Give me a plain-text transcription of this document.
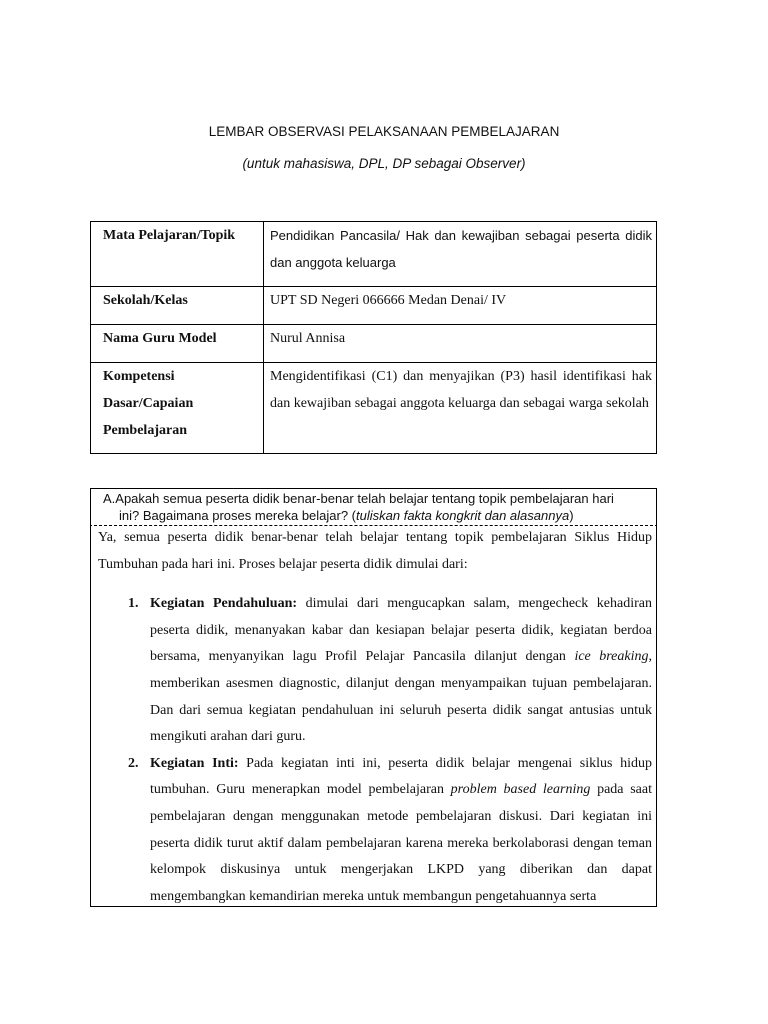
LEMBAR OBSERVASI PELAKSANAAN PEMBELAJARAN
(untuk mahasiswa, DPL, DP sebagai Observer)
Mata Pelajaran/Topik	Pendidikan Pancasila/ Hak dan kewajiban sebagai peserta didik dan anggota keluarga
Sekolah/Kelas	UPT SD Negeri 066666 Medan Denai/ IV
Nama Guru Model	Nurul Annisa
Kompetensi Dasar/Capaian Pembelajaran	Mengidentifikasi (C1) dan menyajikan (P3) hasil identifikasi hak dan kewajiban sebagai anggota keluarga dan sebagai warga sekolah
A.Apakah semua peserta didik benar-benar telah belajar tentang topik pembelajaran hari
ini? Bagaimana proses mereka belajar? (tuliskan fakta kongkrit dan alasannya)

Ya, semua peserta didik benar-benar telah belajar tentang topik pembelajaran Siklus Hidup Tumbuhan pada hari ini. Proses belajar peserta didik dimulai dari:

1. Kegiatan Pendahuluan: dimulai dari mengucapkan salam, mengecheck kehadiran peserta didik, menanyakan kabar dan kesiapan belajar peserta didik, kegiatan berdoa bersama, menyanyikan lagu Profil Pelajar Pancasila dilanjut dengan ice breaking, memberikan asesmen diagnostic, dilanjut dengan menyampaikan tujuan pembelajaran. Dan dari semua kegiatan pendahuluan ini seluruh peserta didik sangat antusias untuk mengikuti arahan dari guru.
2. Kegiatan Inti: Pada kegiatan inti ini, peserta didik belajar mengenai siklus hidup tumbuhan. Guru menerapkan model pembelajaran problem based learning pada saat pembelajaran dengan menggunakan metode pembelajaran diskusi. Dari kegiatan ini peserta didik turut aktif dalam pembelajaran karena mereka berkolaborasi dengan teman kelompok diskusinya untuk mengerjakan LKPD yang diberikan dan dapat mengembangkan kemandirian mereka untuk membangun pengetahuannya serta
